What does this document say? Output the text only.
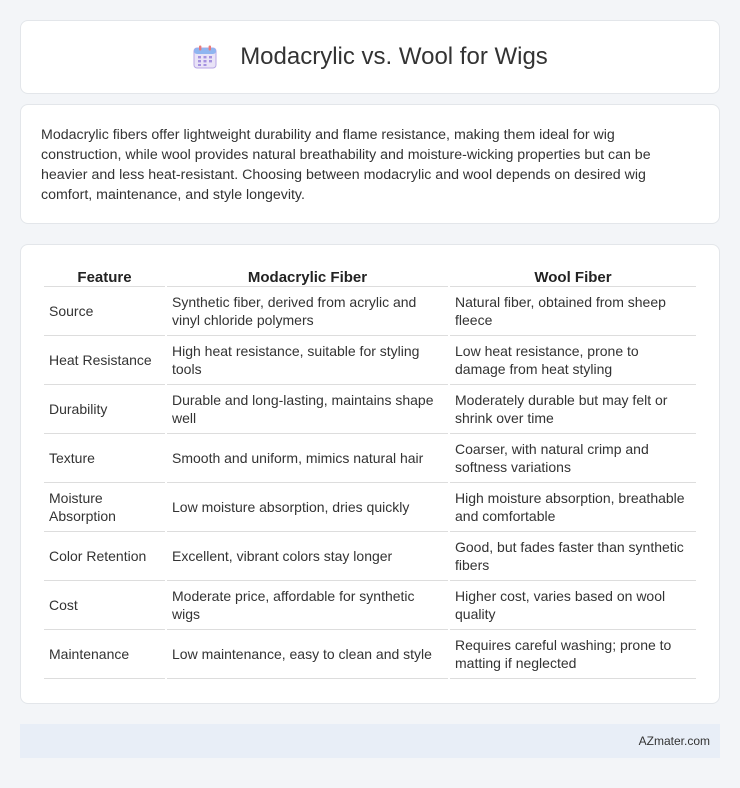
Modacrylic vs. Wool for Wigs

Modacrylic fibers offer lightweight durability and flame resistance, making them ideal for wig construction, while wool provides natural breathability and moisture-wicking properties but can be heavier and less heat-resistant. Choosing between modacrylic and wool depends on desired wig comfort, maintenance, and style longevity.

Feature	Modacrylic Fiber	Wool Fiber
Source	Synthetic fiber, derived from acrylic and vinyl chloride polymers	Natural fiber, obtained from sheep fleece
Heat Resistance	High heat resistance, suitable for styling tools	Low heat resistance, prone to damage from heat styling
Durability	Durable and long-lasting, maintains shape well	Moderately durable but may felt or shrink over time
Texture	Smooth and uniform, mimics natural hair	Coarser, with natural crimp and softness variations
Moisture Absorption	Low moisture absorption, dries quickly	High moisture absorption, breathable and comfortable
Color Retention	Excellent, vibrant colors stay longer	Good, but fades faster than synthetic fibers
Cost	Moderate price, affordable for synthetic wigs	Higher cost, varies based on wool quality
Maintenance	Low maintenance, easy to clean and style	Requires careful washing; prone to matting if neglected
AZmater.com
